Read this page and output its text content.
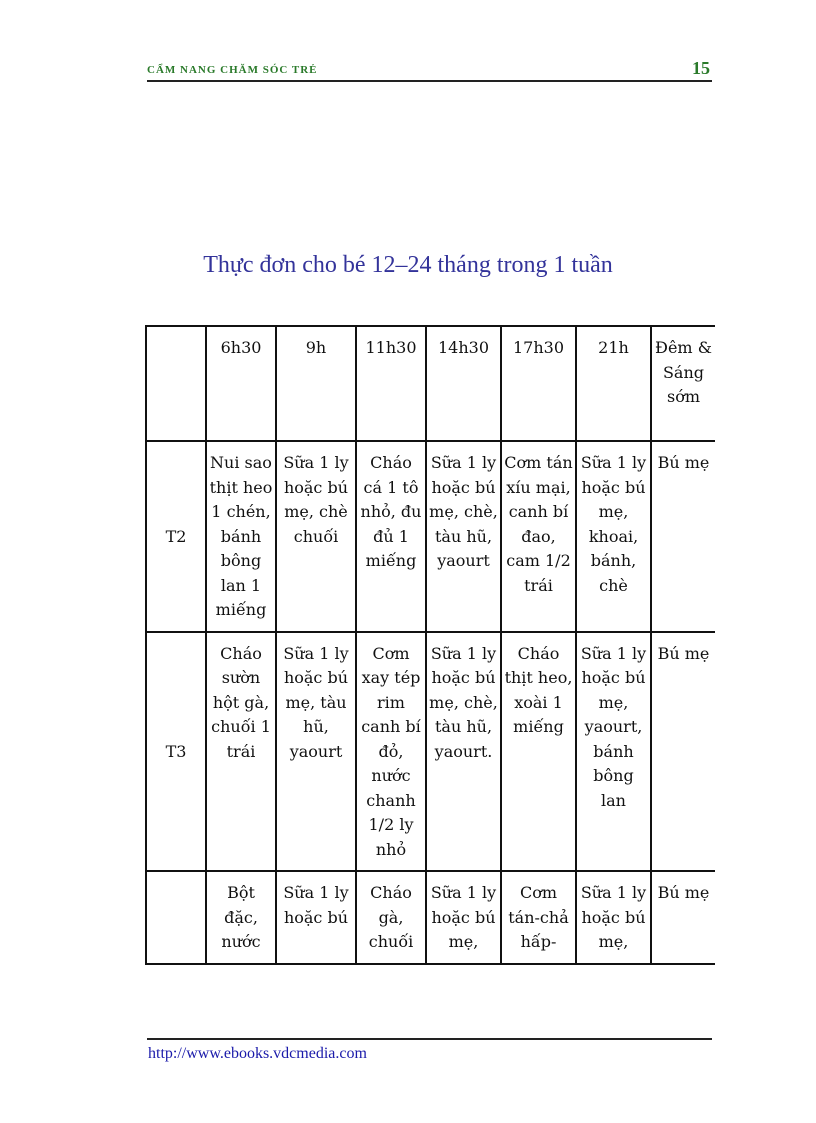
CẨM NANG CHĂM SÓC TRẺ	15
Thực đơn cho bé 12–24 tháng trong 1 tuần
	6h30	9h	11h30	14h30	17h30	21h	Đêm & Sáng sớm
T2	Nui sao thịt heo 1 chén, bánh bông lan 1 miếng	Sữa 1 ly hoặc bú mẹ, chè chuối	Cháo cá 1 tô nhỏ, đu đủ 1 miếng	Sữa 1 ly hoặc bú mẹ, chè, tàu hũ, yaourt	Cơm tán xíu mại, canh bí đao, cam 1/2 trái	Sữa 1 ly hoặc bú mẹ, khoai, bánh, chè	Bú mẹ
T3	Cháo sườn hột gà, chuối 1 trái	Sữa 1 ly hoặc bú mẹ, tàu hũ, yaourt	Cơm xay tép rim canh bí đỏ, nước chanh 1/2 ly nhỏ	Sữa 1 ly hoặc bú mẹ, chè, tàu hũ, yaourt.	Cháo thịt heo, xoài 1 miếng	Sữa 1 ly hoặc bú mẹ, yaourt, bánh bông lan	Bú mẹ
	Bột đặc, nước	Sữa 1 ly hoặc bú	Cháo gà, chuối	Sữa 1 ly hoặc bú mẹ,	Cơm tán-chả hấp-	Sữa 1 ly hoặc bú mẹ,	Bú mẹ
http://www.ebooks.vdcmedia.com
